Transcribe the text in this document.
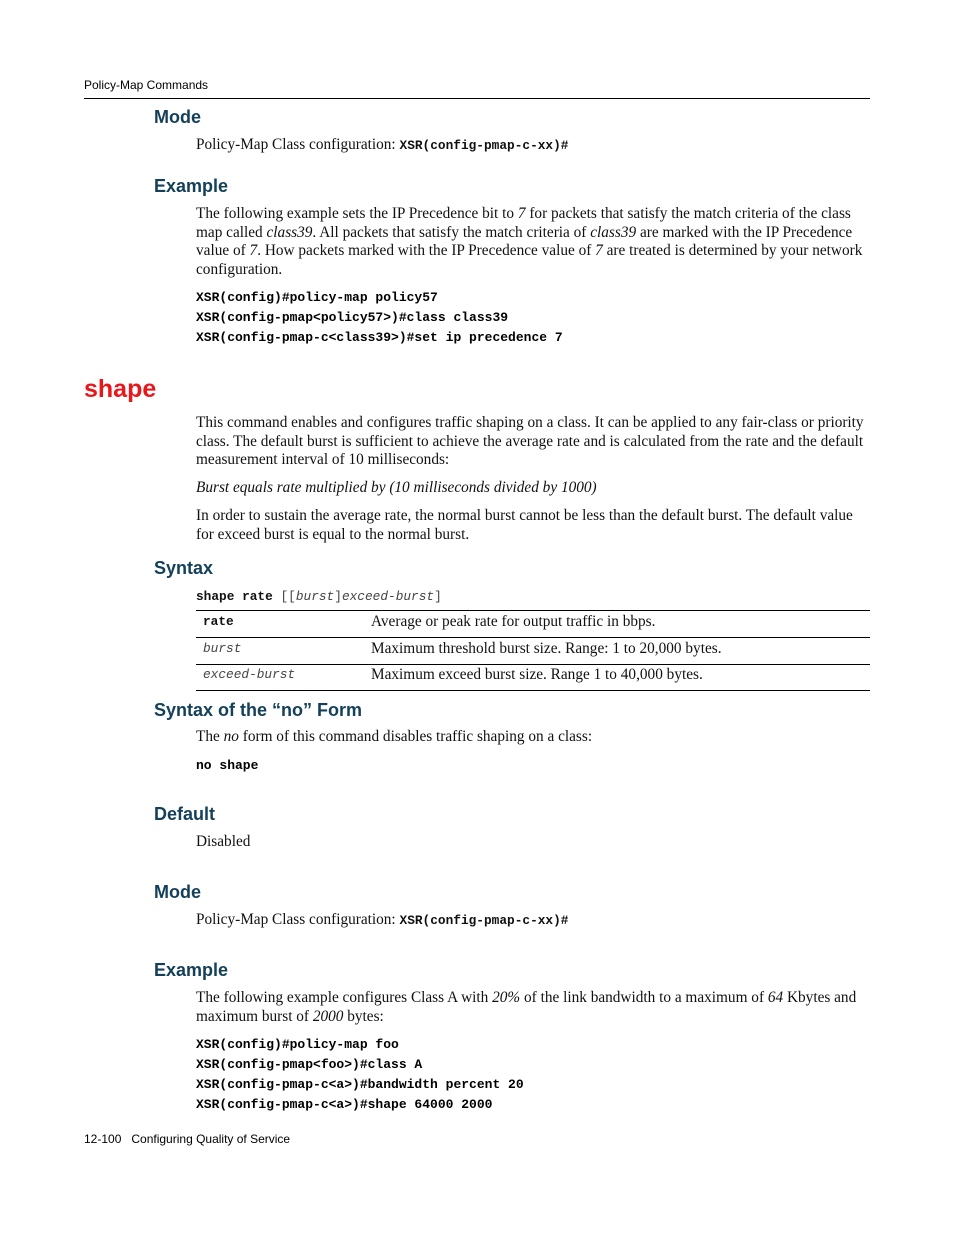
Policy-Map Commands
Mode
Policy-Map Class configuration: XSR(config-pmap-c-xx)#
Example
The following example sets the IP Precedence bit to 7 for packets that satisfy the match criteria of the class map called class39. All packets that satisfy the match criteria of class39 are marked with the IP Precedence value of 7. How packets marked with the IP Precedence value of 7 are treated is determined by your network configuration.
XSR(config)#policy-map policy57
XSR(config-pmap<policy57>)#class class39
XSR(config-pmap-c<class39>)#set ip precedence 7
shape
This command enables and configures traffic shaping on a class. It can be applied to any fair-class or priority class. The default burst is sufficient to achieve the average rate and is calculated from the rate and the default measurement interval of 10 milliseconds:
Burst equals rate multiplied by (10 milliseconds divided by 1000)
In order to sustain the average rate, the normal burst cannot be less than the default burst. The default value for exceed burst is equal to the normal burst.
Syntax
shape rate [[burst]exceed-burst]
rate	Average or peak rate for output traffic in bbps.
burst	Maximum threshold burst size. Range: 1 to 20,000 bytes.
exceed-burst	Maximum exceed burst size. Range 1 to 40,000 bytes.
Syntax of the “no” Form
The no form of this command disables traffic shaping on a class:
no shape
Default
Disabled
Mode
Policy-Map Class configuration: XSR(config-pmap-c-xx)#
Example
The following example configures Class A with 20% of the link bandwidth to a maximum of 64 Kbytes and maximum burst of 2000 bytes:
XSR(config)#policy-map foo
XSR(config-pmap<foo>)#class A
XSR(config-pmap-c<a>)#bandwidth percent 20
XSR(config-pmap-c<a>)#shape 64000 2000
12-100   Configuring Quality of Service
